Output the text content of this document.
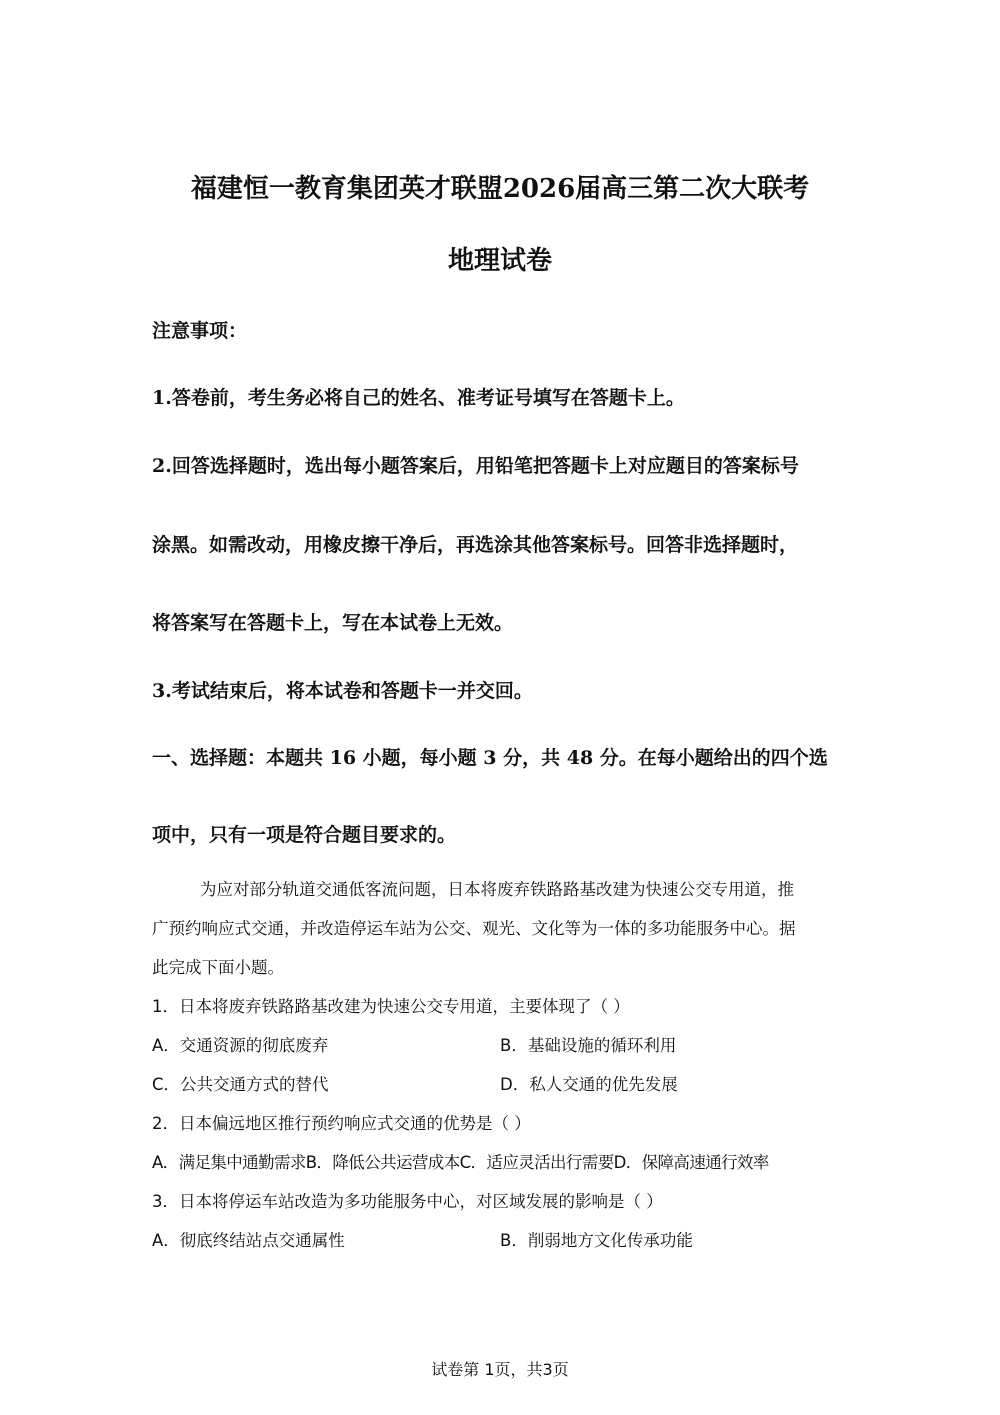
福建恒一教育集团英才联盟2026届高三第二次大联考
地理试卷
注意事项：
1.答卷前，考生务必将自己的姓名、准考证号填写在答题卡上。
2.回答选择题时，选出每小题答案后，用铅笔把答题卡上对应题目的答案标号
涂黑。如需改动，用橡皮擦干净后，再选涂其他答案标号。回答非选择题时，
将答案写在答题卡上，写在本试卷上无效。
3.考试结束后，将本试卷和答题卡一并交回。
一、选择题：本题共 16 小题，每小题 3 分，共 48 分。在每小题给出的四个选
项中，只有一项是符合题目要求的。
为应对部分轨道交通低客流问题，日本将废弃铁路路基改建为快速公交专用道，推
广预约响应式交通，并改造停运车站为公交、观光、文化等为一体的多功能服务中心。据
此完成下面小题。
1．日本将废弃铁路路基改建为快速公交专用道，主要体现了（ ）
A．交通资源的彻底废弃	B．基础设施的循环利用
C．公共交通方式的替代	D．私人交通的优先发展
2．日本偏远地区推行预约响应式交通的优势是（ ）
A．满足集中通勤需求B．降低公共运营成本C．适应灵活出行需要D．保障高速通行效率
3．日本将停运车站改造为多功能服务中心，对区域发展的影响是（ ）
A．彻底终结站点交通属性	B．削弱地方文化传承功能
试卷第 1页，共3页
